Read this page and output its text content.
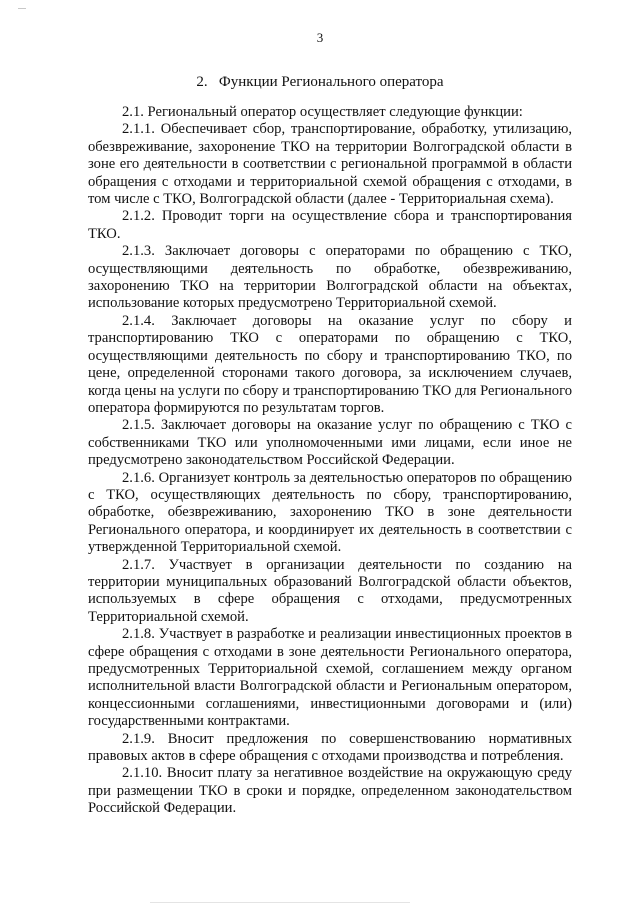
3
2.   Функции Регионального оператора

2.1. Региональный оператор осуществляет следующие функции:

2.1.1. Обеспечивает сбор, транспортирование, обработку, утилизацию, обезвреживание, захоронение ТКО на территории Волгоградской области в зоне его деятельности в соответствии с региональной программой в области обращения с отходами и территориальной схемой обращения с отходами, в том числе с ТКО, Волгоградской области (далее - Территориальная схема).

2.1.2. Проводит торги на осуществление сбора и транспортирования ТКО.

2.1.3. Заключает договоры с операторами по обращению с ТКО, осуществляющими деятельность по обработке, обезвреживанию, захоронению ТКО на территории Волгоградской области на объектах, использование которых предусмотрено Территориальной схемой.

2.1.4. Заключает договоры на оказание услуг по сбору и транспортированию ТКО с операторами по обращению с ТКО, осуществляющими деятельность по сбору и транспортированию ТКО, по цене, определенной сторонами такого договора, за исключением случаев, когда цены на услуги по сбору и транспортированию ТКО для Регионального оператора формируются по результатам торгов.

2.1.5. Заключает договоры на оказание услуг по обращению с ТКО с собственниками ТКО или уполномоченными ими лицами, если иное не предусмотрено законодательством Российской Федерации.

2.1.6. Организует контроль за деятельностью операторов по обращению с ТКО, осуществляющих деятельность по сбору, транспортированию, обработке, обезвреживанию, захоронению ТКО в зоне деятельности Регионального оператора, и координирует их деятельность в соответствии с утвержденной Территориальной схемой.

2.1.7. Участвует в организации деятельности по созданию на территории муниципальных образований Волгоградской области объектов, используемых в сфере обращения с отходами, предусмотренных Территориальной схемой.

2.1.8. Участвует в разработке и реализации инвестиционных проектов в сфере обращения с отходами в зоне деятельности Регионального оператора, предусмотренных Территориальной схемой, соглашением между органом исполнительной власти Волгоградской области и Региональным оператором, концессионными соглашениями, инвестиционными договорами и (или) государственными контрактами.

2.1.9. Вносит предложения по совершенствованию нормативных правовых актов в сфере обращения с отходами производства и потребления.

2.1.10. Вносит плату за негативное воздействие на окружающую среду при размещении ТКО в сроки и порядке, определенном законодательством Российской Федерации.
